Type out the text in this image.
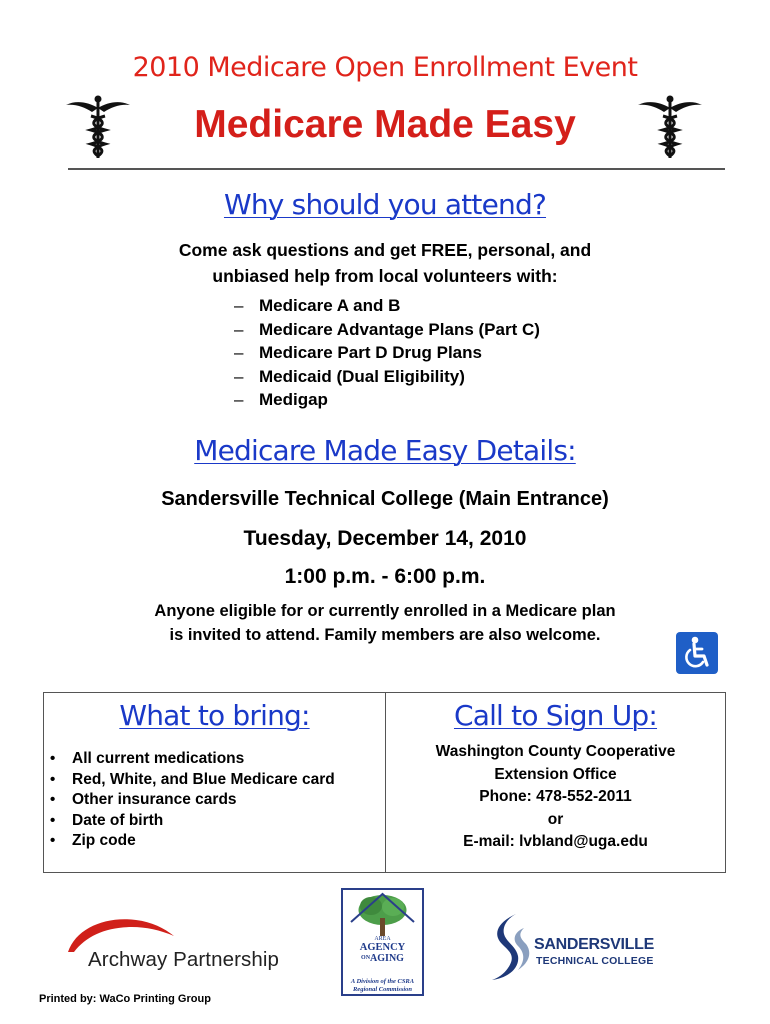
2010 Medicare Open Enrollment Event
Medicare Made Easy
Why should you attend?
Come ask questions and get FREE, personal, and
unbiased help from local volunteers with:
– Medicare A and B
– Medicare Advantage Plans (Part C)
– Medicare Part D Drug Plans
– Medicaid (Dual Eligibility)
– Medigap
Medicare Made Easy Details:
Sandersville Technical College (Main Entrance)
Tuesday, December 14, 2010
1:00 p.m. - 6:00 p.m.
Anyone eligible for or currently enrolled in a Medicare plan
is invited to attend. Family members are also welcome.
What to bring:
•	All current medications
•	Red, White, and Blue Medicare card
•	Other insurance cards
•	Date of birth
•	Zip code
Call to Sign Up:
Washington County Cooperative
Extension Office
Phone: 478-552-2011
or
E-mail: lvbland@uga.edu
Archway Partnership
AREA
AGENCY
$^{ON}$AGING
A Division of the CSRA
Regional Commission
SANDERSVILLE
TECHNICAL COLLEGE
Printed by: WaCo Printing Group
